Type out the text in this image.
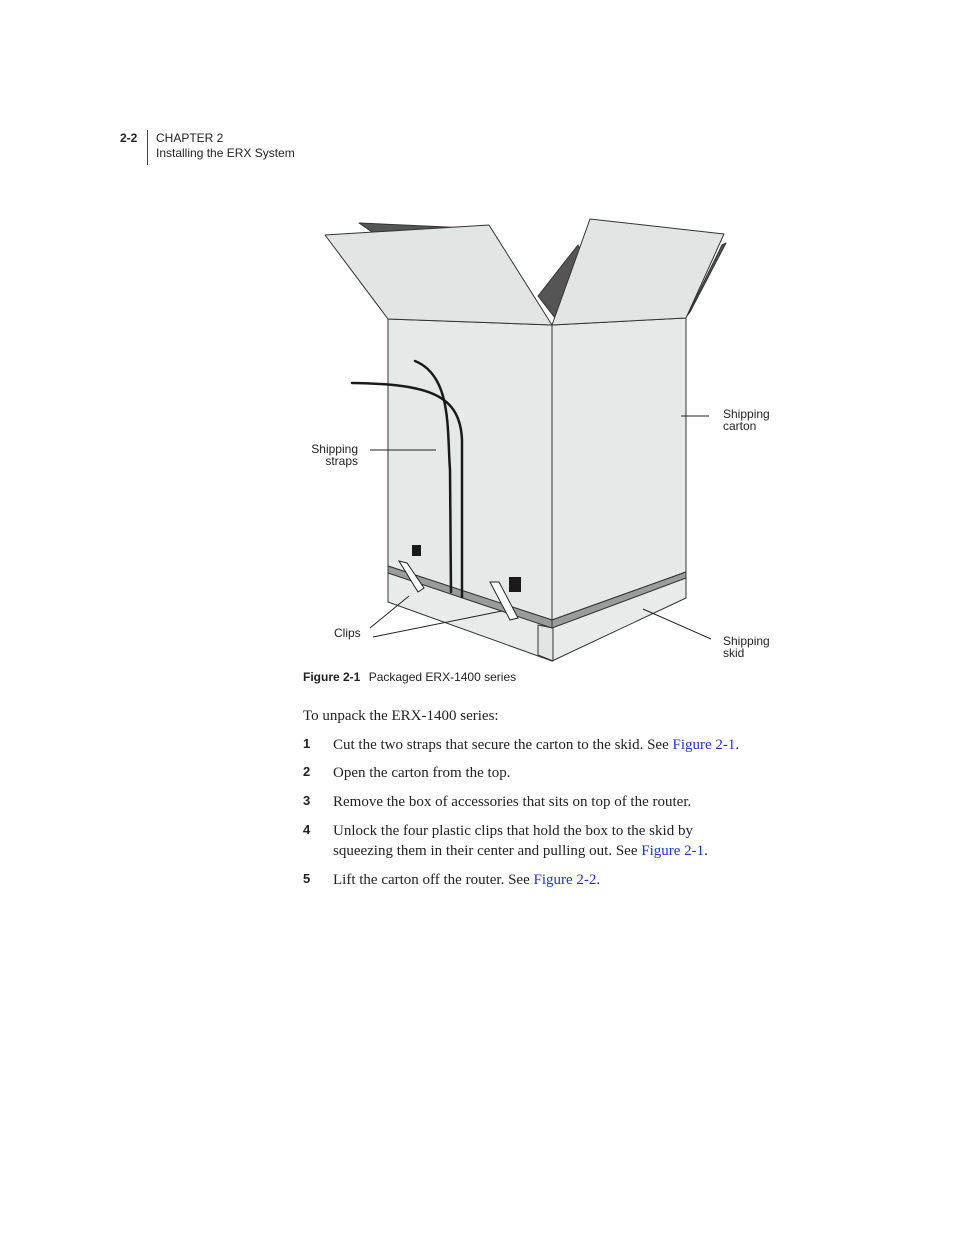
2-2 CHAPTER 2
Installing the ERX System
Shipping
straps
Shipping
carton
Clips
Shipping
skid
Figure 2-1 Packaged ERX-1400 series
To unpack the ERX-1400 series:
1 Cut the two straps that secure the carton to the skid. See Figure 2-1.
2 Open the carton from the top.
3 Remove the box of accessories that sits on top of the router.
4 Unlock the four plastic clips that hold the box to the skid by squeezing them in their center and pulling out. See Figure 2-1.
5 Lift the carton off the router. See Figure 2-2.
